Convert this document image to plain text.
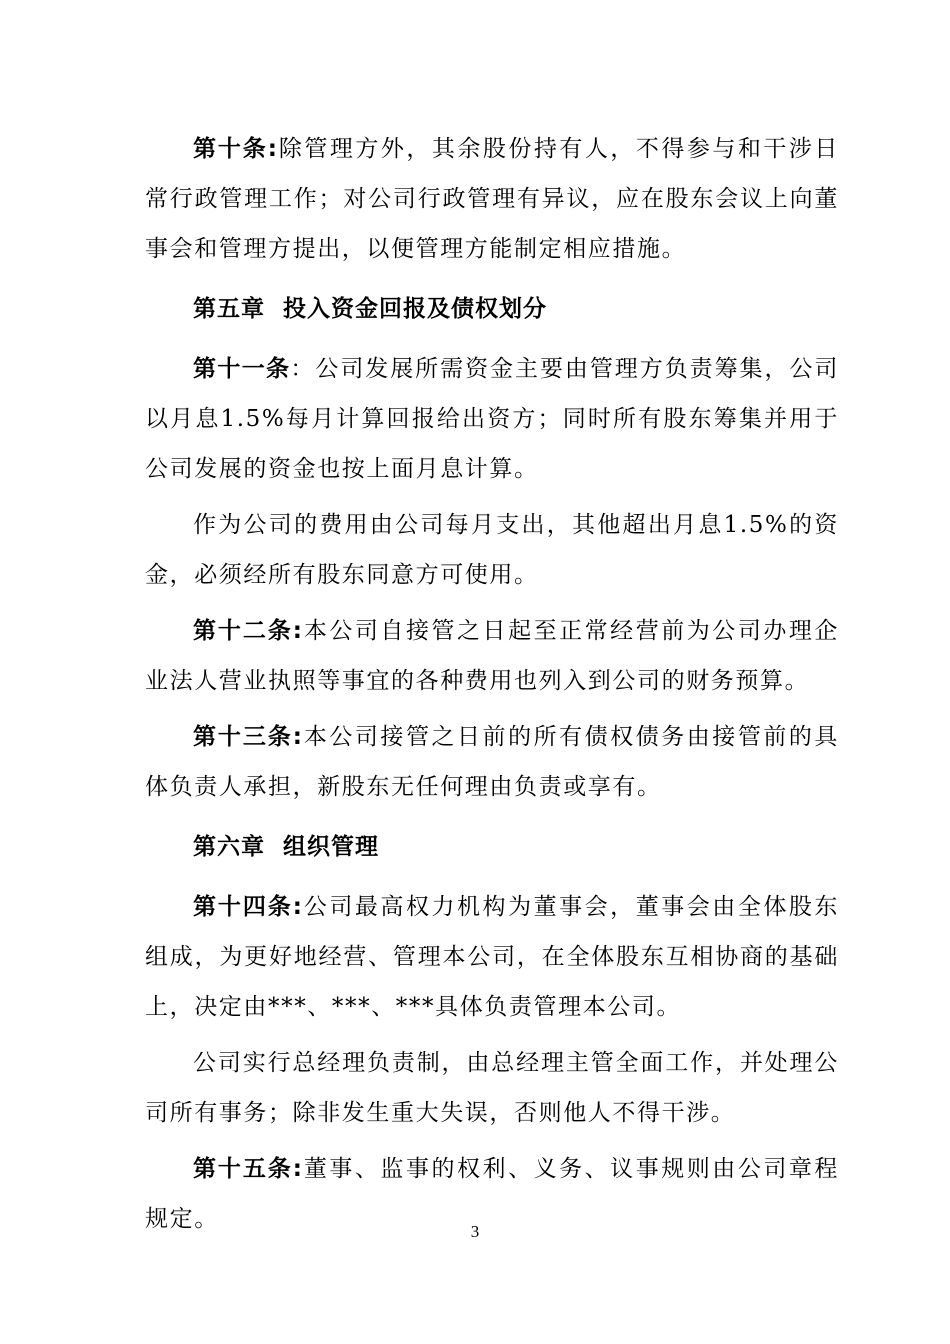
第十条:除管理方外，其余股份持有人，不得参与和干涉日常行政管理工作；对公司行政管理有异议，应在股东会议上向董事会和管理方提出，以便管理方能制定相应措施。

第五章  投入资金回报及债权划分

第十一条：公司发展所需资金主要由管理方负责筹集，公司以月息1.5%每月计算回报给出资方；同时所有股东筹集并用于公司发展的资金也按上面月息计算。

作为公司的费用由公司每月支出，其他超出月息1.5%的资金，必须经所有股东同意方可使用。

第十二条:本公司自接管之日起至正常经营前为公司办理企业法人营业执照等事宜的各种费用也列入到公司的财务预算。

第十三条:本公司接管之日前的所有债权债务由接管前的具体负责人承担，新股东无任何理由负责或享有。

第六章  组织管理

第十四条:公司最高权力机构为董事会，董事会由全体股东组成，为更好地经营、管理本公司，在全体股东互相协商的基础上，决定由***、***、***具体负责管理本公司。

公司实行总经理负责制，由总经理主管全面工作，并处理公司所有事务；除非发生重大失误，否则他人不得干涉。

第十五条:董事、监事的权利、义务、议事规则由公司章程规定。	3
